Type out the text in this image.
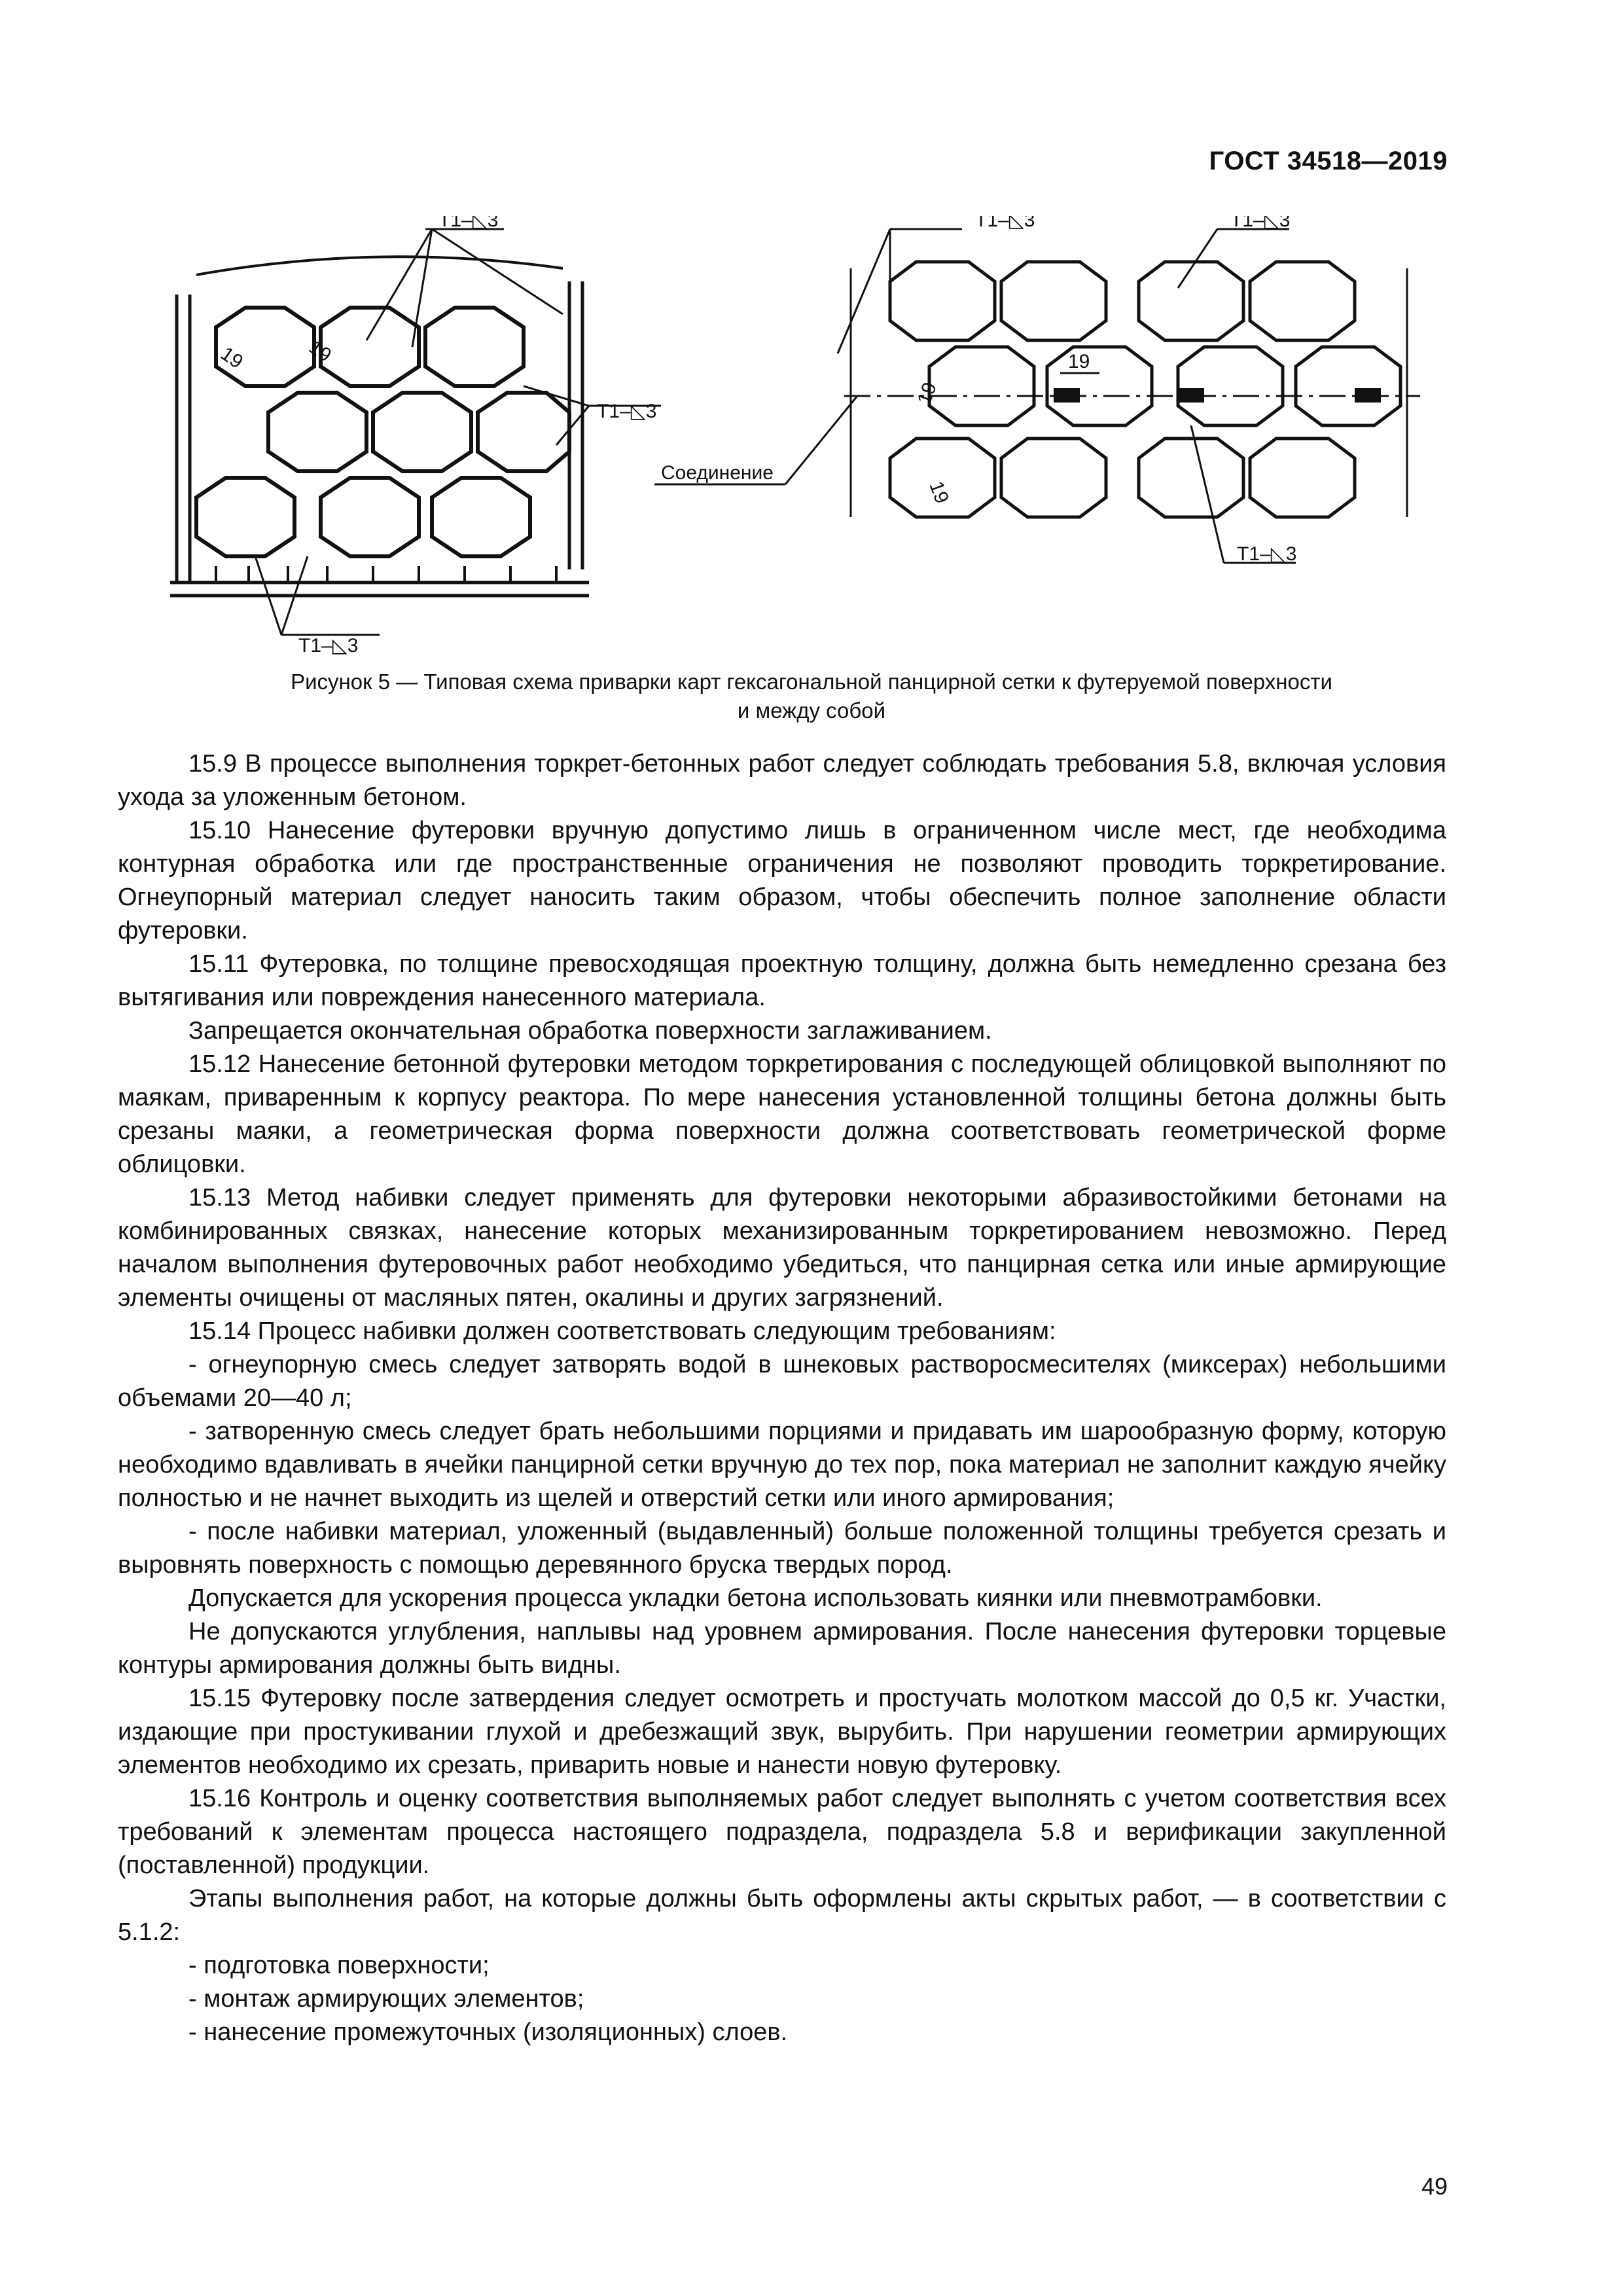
ГОСТ 34518—2019
Т1–◺3
Т1–◺3
Т1–◺3
19	19
Т1–◺3	Т1–◺3
Т1–◺3
Соединение
19
19
19
Рисунок 5 — Типовая схема приварки карт гексагональной панцирной сетки к футеруемой поверхности
и между собой

15.9 В процессе выполнения торкрет-бетонных работ следует соблюдать требования 5.8, включая условия ухода за уложенным бетоном.

15.10 Нанесение футеровки вручную допустимо лишь в ограниченном числе мест, где необходима контурная обработка или где пространственные ограничения не позволяют проводить торкретирование. Огнеупорный материал следует наносить таким образом, чтобы обеспечить полное заполнение области футеровки.

15.11 Футеровка, по толщине превосходящая проектную толщину, должна быть немедленно срезана без вытягивания или повреждения нанесенного материала.

Запрещается окончательная обработка поверхности заглаживанием.

15.12 Нанесение бетонной футеровки методом торкретирования с последующей облицовкой выполняют по маякам, приваренным к корпусу реактора. По мере нанесения установленной толщины бетона должны быть срезаны маяки, а геометрическая форма поверхности должна соответствовать геометрической форме облицовки.

15.13 Метод набивки следует применять для футеровки некоторыми абразивостойкими бетонами на комбинированных связках, нанесение которых механизированным торкретированием невозможно. Перед началом выполнения футеровочных работ необходимо убедиться, что панцирная сетка или иные армирующие элементы очищены от масляных пятен, окалины и других загрязнений.

15.14 Процесс набивки должен соответствовать следующим требованиям:

- огнеупорную смесь следует затворять водой в шнековых растворосмесителях (миксерах) небольшими объемами 20—40 л;

- затворенную смесь следует брать небольшими порциями и придавать им шарообразную форму, которую необходимо вдавливать в ячейки панцирной сетки вручную до тех пор, пока материал не заполнит каждую ячейку полностью и не начнет выходить из щелей и отверстий сетки или иного армирования;

- после набивки материал, уложенный (выдавленный) больше положенной толщины требуется срезать и выровнять поверхность с помощью деревянного бруска твердых пород.

Допускается для ускорения процесса укладки бетона использовать киянки или пневмотрамбовки.

Не допускаются углубления, наплывы над уровнем армирования. После нанесения футеровки торцевые контуры армирования должны быть видны.

15.15 Футеровку после затвердения следует осмотреть и простучать молотком массой до 0,5 кг. Участки, издающие при простукивании глухой и дребезжащий звук, вырубить. При нарушении геометрии армирующих элементов необходимо их срезать, приварить новые и нанести новую футеровку.

15.16 Контроль и оценку соответствия выполняемых работ следует выполнять с учетом соответствия всех требований к элементам процесса настоящего подраздела, подраздела 5.8 и верификации закупленной (поставленной) продукции.

Этапы выполнения работ, на которые должны быть оформлены акты скрытых работ, — в соответствии с 5.1.2:

- подготовка поверхности;

- монтаж армирующих элементов;

- нанесение промежуточных (изоляционных) слоев.

49
